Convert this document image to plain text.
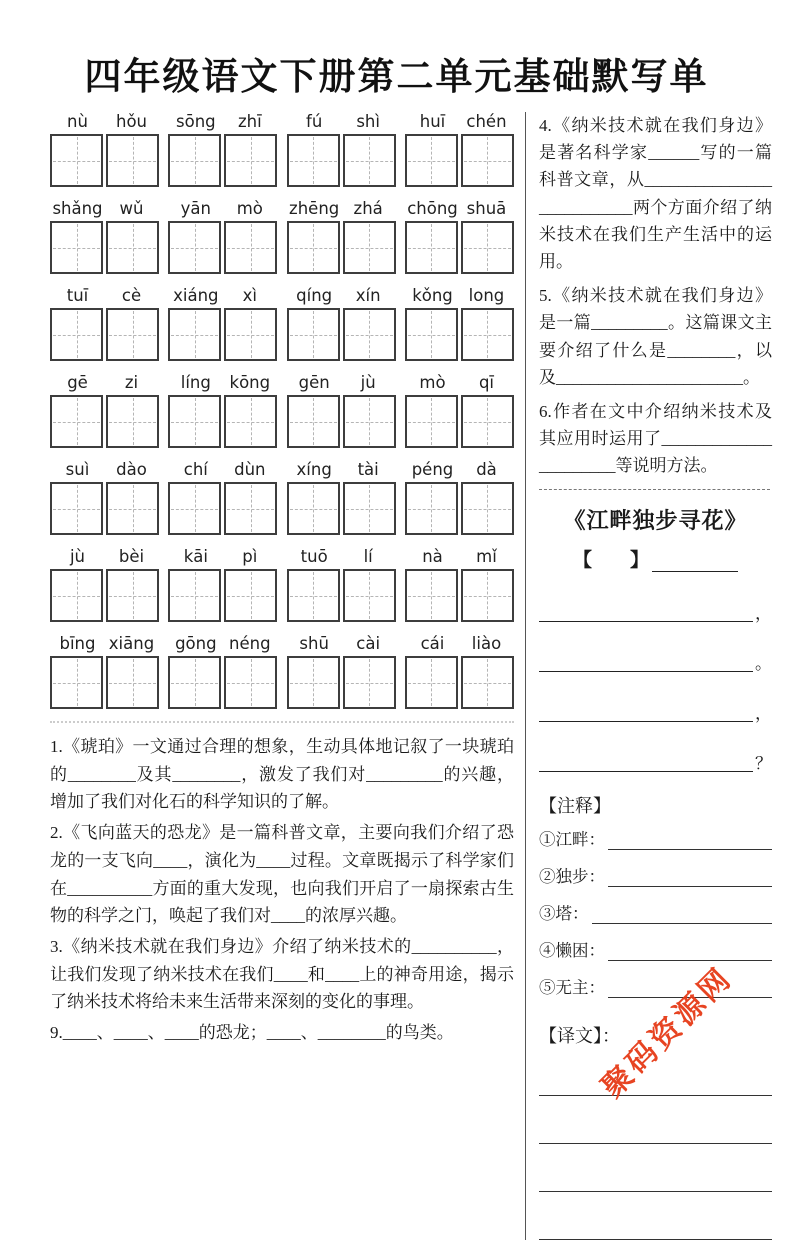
四年级语文下册第二单元基础默写单
nù	hǒu	sōng	zhī	fú	shì	huī	chén
shǎng	wǔ	yān	mò	zhēng zhá	chōng shuā
tuī	cè	xiáng	xì	qíng	xín	kǒng long
gē	zi	líng	kōng	gēn	jù	mò	qī
suì	dào	chí	dùn	xíng	tài	péng	dà
jù	bèi	kāi	pì	tuō	lí	nà	mǐ
bīng xiāng	gōng néng	shū	cài	cái	liào
1.《琥珀》一文通过合理的想象，生动具体地记叙了一块琥珀的________及其________，激发了我们对_________的兴趣，增加了我们对化石的科学知识的了解。
2.《飞向蓝天的恐龙》是一篇科普文章，主要向我们介绍了恐龙的一支飞向____，演化为____过程。文章既揭示了科学家们在__________方面的重大发现，也向我们开启了一扇探索古生物的科学之门，唤起了我们对____的浓厚兴趣。
3.《纳米技术就在我们身边》介绍了纳米技术的__________，让我们发现了纳米技术在我们____和____上的神奇用途，揭示了纳米技术将给未来生活带来深刻的变化的事理。
9.____、____、____的恐龙；____、________的鸟类。
4.《纳米技术就在我们身边》是著名科学家______写的一篇科普文章，从__________________________两个方面介绍了纳米技术在我们生产生活中的运用。
5.《纳米技术就在我们身边》是一篇_________。这篇课文主要介绍了什么是________，以及______________________。
6.作者在文中介绍纳米技术及其应用时运用了______________________等说明方法。
《江畔独步寻花》
【　　】
，
。
，
？
【注释】
①江畔：
②独步：
③塔：
④懒困：
⑤无主：
【译文】：
聚码资源网
